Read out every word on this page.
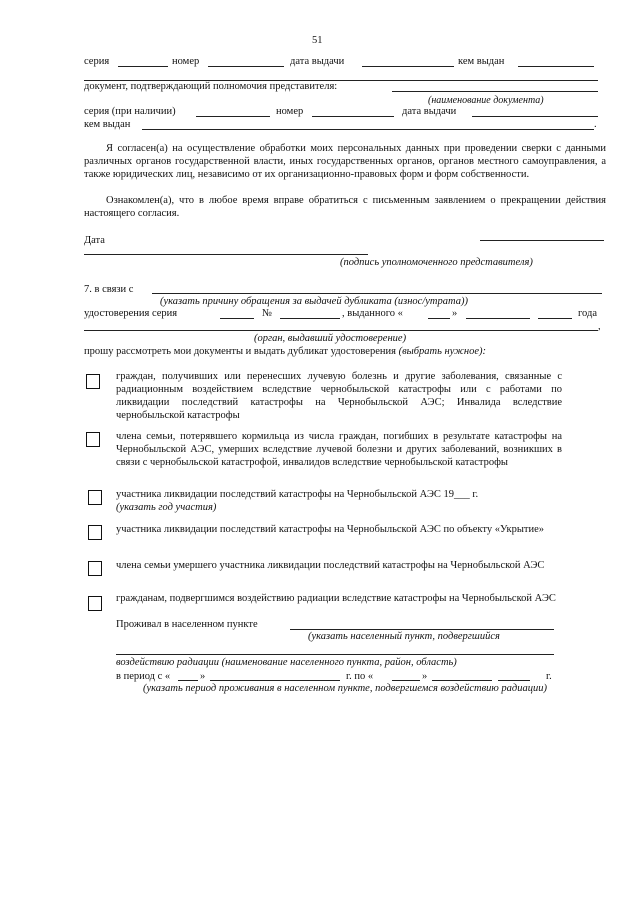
51
серия	номер	дата выдачи	кем выдан
документ, подтверждающий полномочия представителя:
(наименование документа)
серия (при наличии)	номер	дата выдачи
кем выдан	.
Я согласен(а) на осуществление обработки моих персональных данных при проведении сверки с данными различных органов государственной власти, иных государственных органов, органов местного самоуправления, а также юридических лиц, независимо от их организационно-правовых форм и форм собственности.
Ознакомлен(а), что в любое время вправе обратиться с письменным заявлением о прекращении действия настоящего согласия.
Дата
(подпись уполномоченного представителя)
7. в связи с
(указать причину обращения за выдачей дубликата (износ/утрата))
удостоверения серия	№	, выданного «	»	года
,
(орган, выдавший удостоверение)
прошу рассмотреть мои документы и выдать дубликат удостоверения (выбрать нужное):
граждан, получивших или перенесших лучевую болезнь и другие заболевания, связанные с радиационным воздействием вследствие чернобыльской катастрофы или с работами по ликвидации последствий катастрофы на Чернобыльской АЭС; Инвалида вследствие чернобыльской катастрофы
члена семьи, потерявшего кормильца из числа граждан, погибших в результате катастрофы на Чернобыльской АЭС, умерших вследствие лучевой болезни и других заболеваний, возникших в связи с чернобыльской катастрофой, инвалидов вследствие чернобыльской катастрофы
участника ликвидации последствий катастрофы на Чернобыльской АЭС 19___ г.
(указать год участия)
участника ликвидации последствий катастрофы на Чернобыльской АЭС по объекту «Укрытие»
члена семьи умершего участника ликвидации последствий катастрофы на Чернобыльской АЭС
гражданам, подвергшимся воздействию радиации вследствие катастрофы на Чернобыльской АЭС
Проживал в населенном пункте
(указать населенный пункт, подвергшийся
воздействию радиации (наименование населенного пункта, район, область)
в период с «	»	г. по «	»	г.
(указать период проживания в населенном пункте, подвергшемся воздействию радиации)
